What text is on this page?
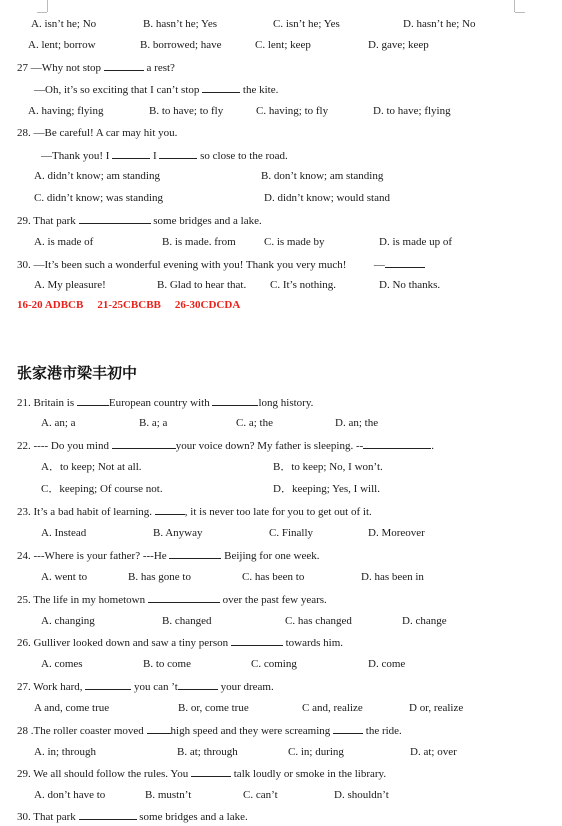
A. isn’t he; No	B. hasn’t he; Yes	C. isn’t he; Yes	D. hasn’t he; No
A. lent; borrow	B. borrowed; have	C. lent; keep	D. gave; keep
27 —Why not stop	a rest?
—Oh, it’s so exciting that I can’t stop	the kite.
A. having; flying	B. to have; to fly	C. having; to fly	D. to have; flying
28. —Be careful! A car may hit you.
—Thank you! I	I	so close to the road.
A. didn’t know; am standing	B. don’t know; am standing
C. didn’t know; was standing	D. didn’t know; would stand
29. That park	some bridges and a lake.
A. is made of	B. is made. from	C. is made by	D. is made up of
30. —It’s been such a wonderful evening with you! Thank you very much!	—
A. My pleasure!	B. Glad to hear that. C. It’s nothing.	D. No thanks.
16-20 ADBCB 21-25CBCBB 26-30CDCDA
张家港市梁丰初中
21. Britain is	European country with	long history.
A. an; a	B. a; a	C. a; the	D. an; the
22. ---- Do you mind	your voice down? My father is sleeping. --	.
A．to keep; Not at all.	B．to keep; No, I won’t.
C．keeping; Of course not.	D．keeping; Yes, I will.
23. It’s a bad habit of learning.	, it is never too late for you to get out of it.
A. Instead	B. Anyway	C. Finally	D. Moreover
24. ---Where is your father? ---He	Beijing for one week.
A. went to	B. has gone to	C. has been to	D. has been in
25. The life in my hometown	over the past few years.
A. changing	B. changed	C. has changed	D. change
26. Gulliver looked down and saw a tiny person	towards him.
A. comes	B. to come	C. coming	D. come
27. Work hard,	you can ’t	your dream.
A and, come true	B. or, come true	C and, realize	D or, realize
28 .The roller coaster moved high speed and they were screaming	the ride.
A. in; through	B. at; through	C. in; during	D. at; over
29. We all should follow the rules. You	talk loudly or smoke in the library.
A. don’t have to	B. mustn’t	C. can’t	D. shouldn’t
30. That park	some bridges and a lake.
